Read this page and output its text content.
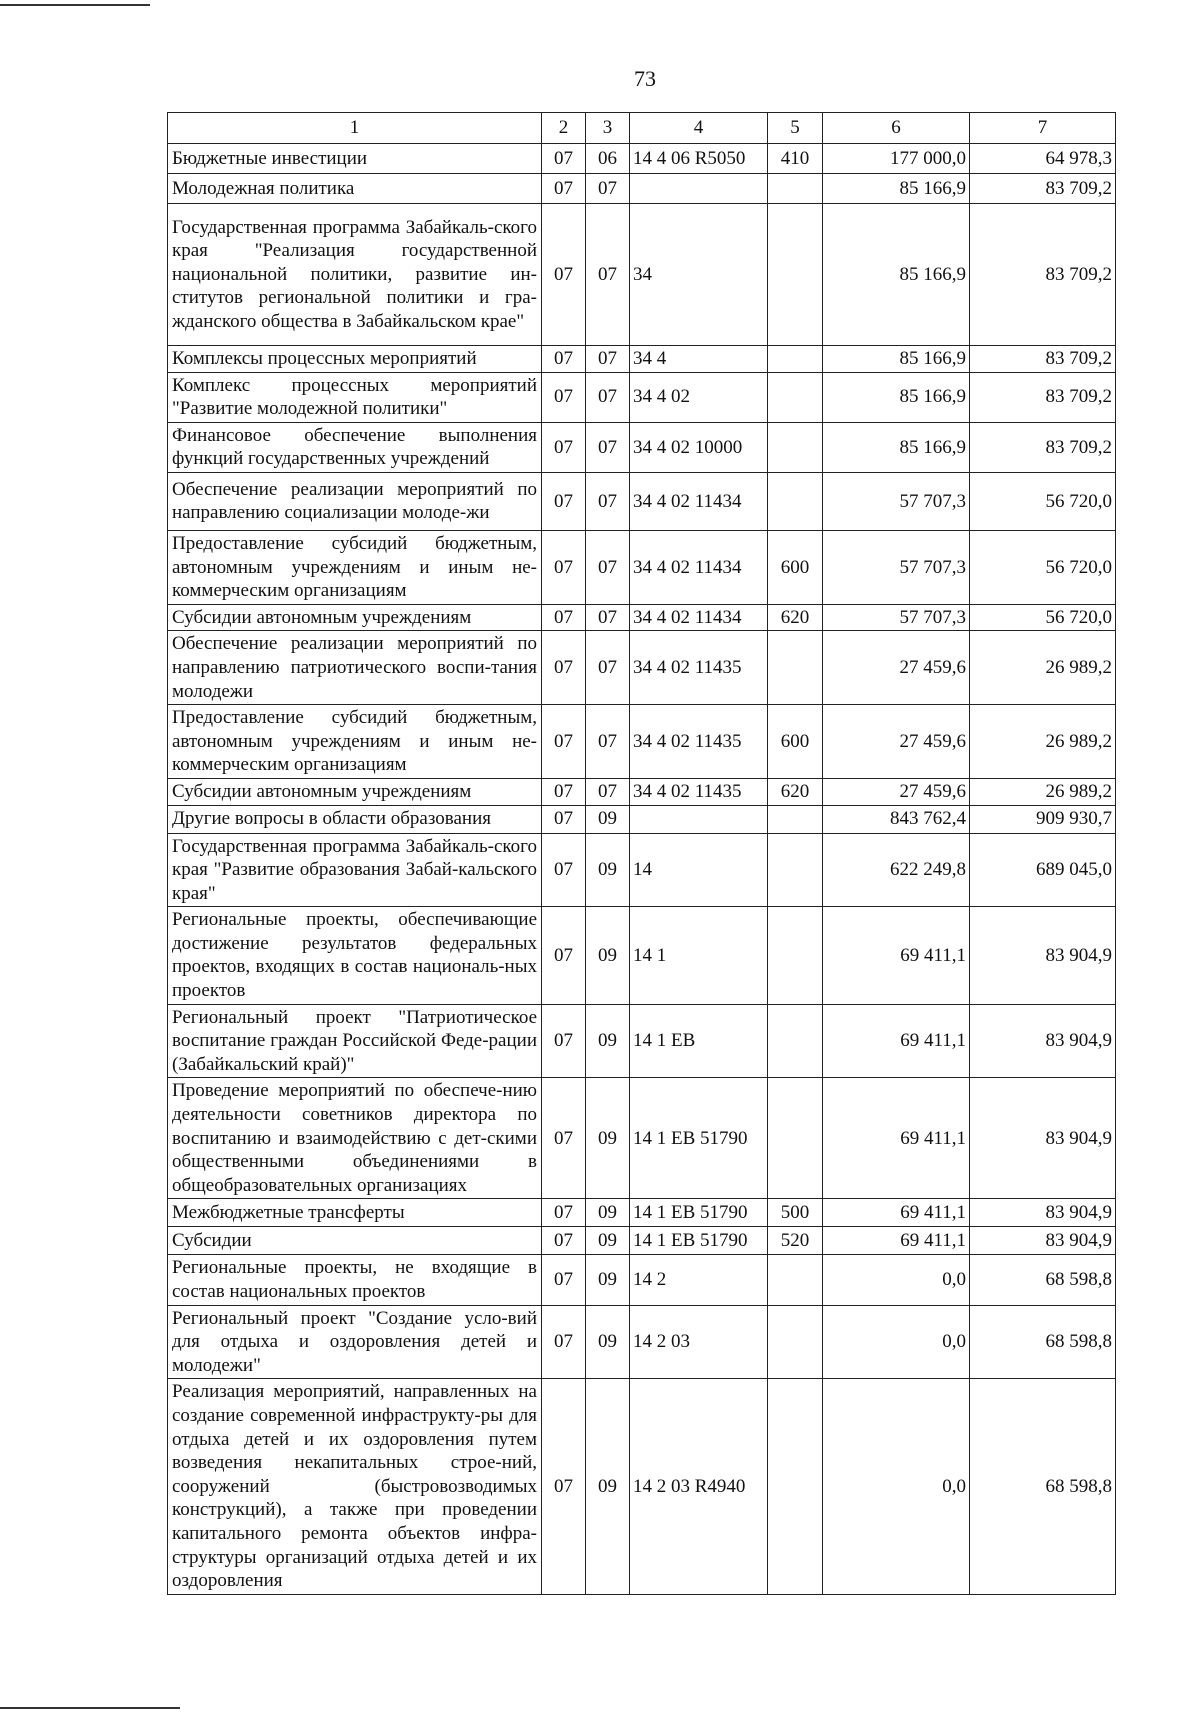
73
1	2	3	4	5	6	7
Бюджетные инвестиции	07	06	14 4 06 R5050	410	177 000,0	64 978,3
Молодежная политика	07	07			85 166,9	83 709,2
Государственная программа Забайкаль-ского края "Реализация государственной национальной политики, развитие ин-ститутов региональной политики и гра-жданского общества в Забайкальском крае"	07	07	34		85 166,9	83 709,2
Комплексы процессных мероприятий	07	07	34 4		85 166,9	83 709,2
Комплекс процессных мероприятий "Развитие молодежной политики"	07	07	34 4 02		85 166,9	83 709,2
Финансовое обеспечение выполнения функций государственных учреждений	07	07	34 4 02 10000		85 166,9	83 709,2
Обеспечение реализации мероприятий по направлению социализации молоде-жи	07	07	34 4 02 11434		57 707,3	56 720,0
Предоставление субсидий бюджетным, автономным учреждениям и иным не-коммерческим организациям	07	07	34 4 02 11434	600	57 707,3	56 720,0
Субсидии автономным учреждениям	07	07	34 4 02 11434	620	57 707,3	56 720,0
Обеспечение реализации мероприятий по направлению патриотического воспи-тания молодежи	07	07	34 4 02 11435		27 459,6	26 989,2
Предоставление субсидий бюджетным, автономным учреждениям и иным не-коммерческим организациям	07	07	34 4 02 11435	600	27 459,6	26 989,2
Субсидии автономным учреждениям	07	07	34 4 02 11435	620	27 459,6	26 989,2
Другие вопросы в области образования	07	09			843 762,4	909 930,7
Государственная программа Забайкаль-ского края "Развитие образования Забай-кальского края"	07	09	14		622 249,8	689 045,0
Региональные проекты, обеспечивающие достижение результатов федеральных проектов, входящих в состав националь-ных проектов	07	09	14 1		69 411,1	83 904,9
Региональный проект "Патриотическое воспитание граждан Российской Феде-рации (Забайкальский край)"	07	09	14 1 EB		69 411,1	83 904,9
Проведение мероприятий по обеспече-нию деятельности советников директора по воспитанию и взаимодействию с дет-скими общественными объединениями в общеобразовательных организациях	07	09	14 1 EB 51790		69 411,1	83 904,9
Межбюджетные трансферты	07	09	14 1 EB 51790	500	69 411,1	83 904,9
Субсидии	07	09	14 1 EB 51790	520	69 411,1	83 904,9
Региональные проекты, не входящие в состав национальных проектов	07	09	14 2		0,0	68 598,8
Региональный проект "Создание усло-вий для отдыха и оздоровления детей и молодежи"	07	09	14 2 03		0,0	68 598,8
Реализация мероприятий, направленных на создание современной инфраструкту-ры для отдыха детей и их оздоровления путем возведения некапитальных строе-ний, сооружений (быстровозводимых конструкций), а также при проведении капитального ремонта объектов инфра-структуры организаций отдыха детей и их оздоровления	07	09	14 2 03 R4940		0,0	68 598,8
